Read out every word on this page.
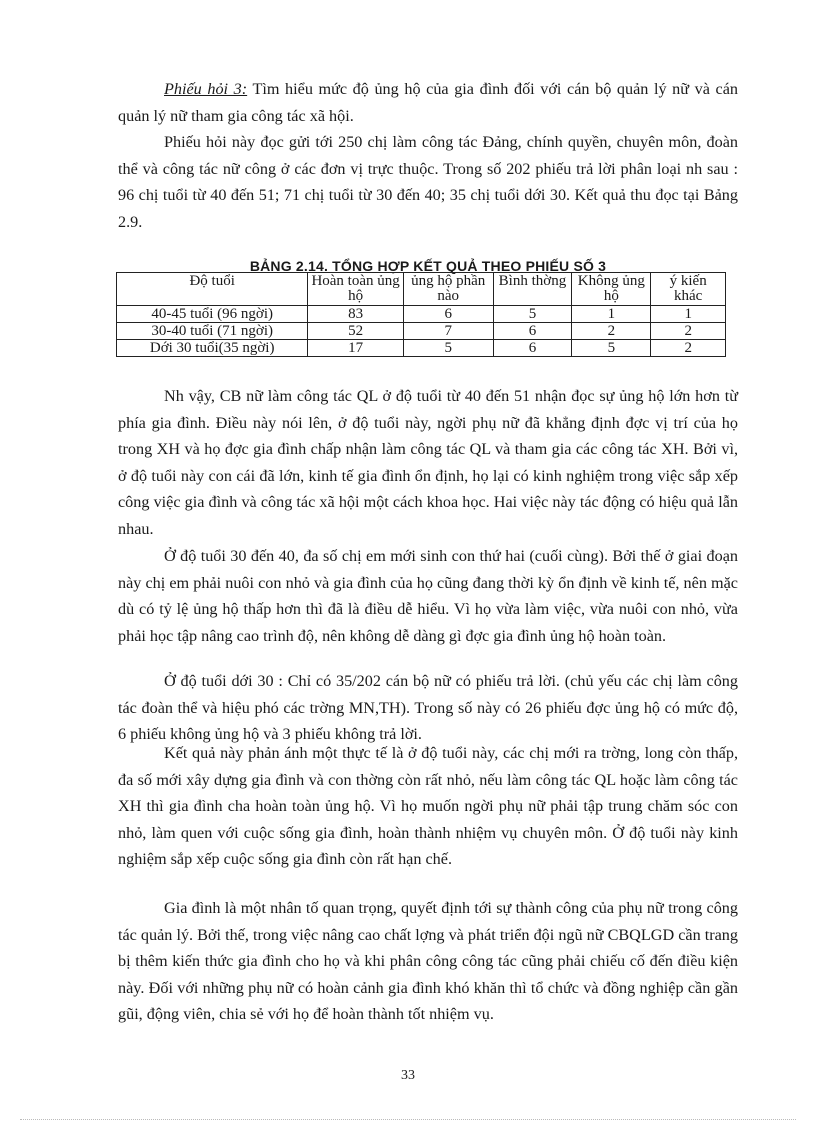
Phiếu hỏi 3: Tìm hiểu mức độ ủng hộ của gia đình đối với cán bộ quản lý nữ và cán quản lý nữ tham gia công tác xã hội.

Phiếu hỏi này đọc gửi tới 250 chị làm công tác Đảng, chính quyền, chuyên môn, đoàn thể và công tác nữ công ở các đơn vị trực thuộc. Trong số 202 phiếu trả lời phân loại nh sau : 96 chị tuổi từ 40 đến 51; 71 chị tuổi từ 30 đến 40; 35 chị tuổi dới 30. Kết quả thu đọc tại Bảng 2.9.

BẢNG 2.14. TỔNG HỢP KẾT QUẢ THEO PHIẾU SỐ 3
Độ tuổi	Hoàn toàn ủng hộ	ủng hộ phần nào	Bình thờng	Không ủng hộ	ý kiến khác
40-45 tuổi (96 ngời)	83	6	5	1	1
30-40 tuổi (71 ngời)	52	7	6	2	2
Dới 30 tuổi(35 ngời)	17	5	6	5	2

Nh vậy, CB nữ làm công tác QL ở độ tuổi từ 40 đến 51 nhận đọc sự ủng hộ lớn hơn từ phía gia đình. Điều này nói lên, ở độ tuổi này, ngời phụ nữ đã khẳng định đợc vị trí của họ trong XH và họ đợc gia đình chấp nhận làm công tác QL và tham gia các công tác XH. Bởi vì, ở độ tuổi này con cái đã lớn, kinh tế gia đình ổn định, họ lại có kinh nghiệm trong việc sắp xếp công việc gia đình và công tác xã hội một cách khoa học. Hai việc này tác động có hiệu quả lẫn nhau.

Ở độ tuổi 30 đến 40, đa số chị em mới sinh con thứ hai (cuối cùng). Bởi thế ở giai đoạn này chị em phải nuôi con nhỏ và gia đình của họ cũng đang thời kỳ ổn định về kinh tế, nên mặc dù có tỷ lệ ủng hộ thấp hơn thì đã là điều dễ hiểu. Vì họ vừa làm việc, vừa nuôi con nhỏ, vừa phải học tập nâng cao trình độ, nên không dễ dàng gì đợc gia đình ủng hộ hoàn toàn.

Ở độ tuổi dới 30 : Chỉ có 35/202 cán bộ nữ có phiếu trả lời. (chủ yếu các chị làm công tác đoàn thể và hiệu phó các trờng MN,TH). Trong số này có 26 phiếu đợc ủng hộ có mức độ, 6 phiếu không ủng hộ và 3 phiếu không trả lời.

Kết quả này phản ánh một thực tế là ở độ tuổi này, các chị mới ra trờng, long còn thấp, đa số mới xây dựng gia đình và con thờng còn rất nhỏ, nếu làm công tác QL hoặc làm công tác XH thì gia đình cha hoàn toàn ủng hộ. Vì họ muốn ngời phụ nữ phải tập trung chăm sóc con nhỏ, làm quen với cuộc sống gia đình, hoàn thành nhiệm vụ chuyên môn. Ở độ tuổi này kinh nghiệm sắp xếp cuộc sống gia đình còn rất hạn chế.

Gia đình là một nhân tố quan trọng, quyết định tới sự thành công của phụ nữ trong công tác quản lý. Bởi thế, trong việc nâng cao chất lợng và phát triển đội ngũ nữ CBQLGD cần trang bị thêm kiến thức gia đình cho họ và khi phân công công tác cũng phải chiếu cố đến điều kiện này. Đối với những phụ nữ có hoàn cảnh gia đình khó khăn thì tổ chức và đồng nghiệp cần gần gũi, động viên, chia sẻ với họ để hoàn thành tốt nhiệm vụ.

33
